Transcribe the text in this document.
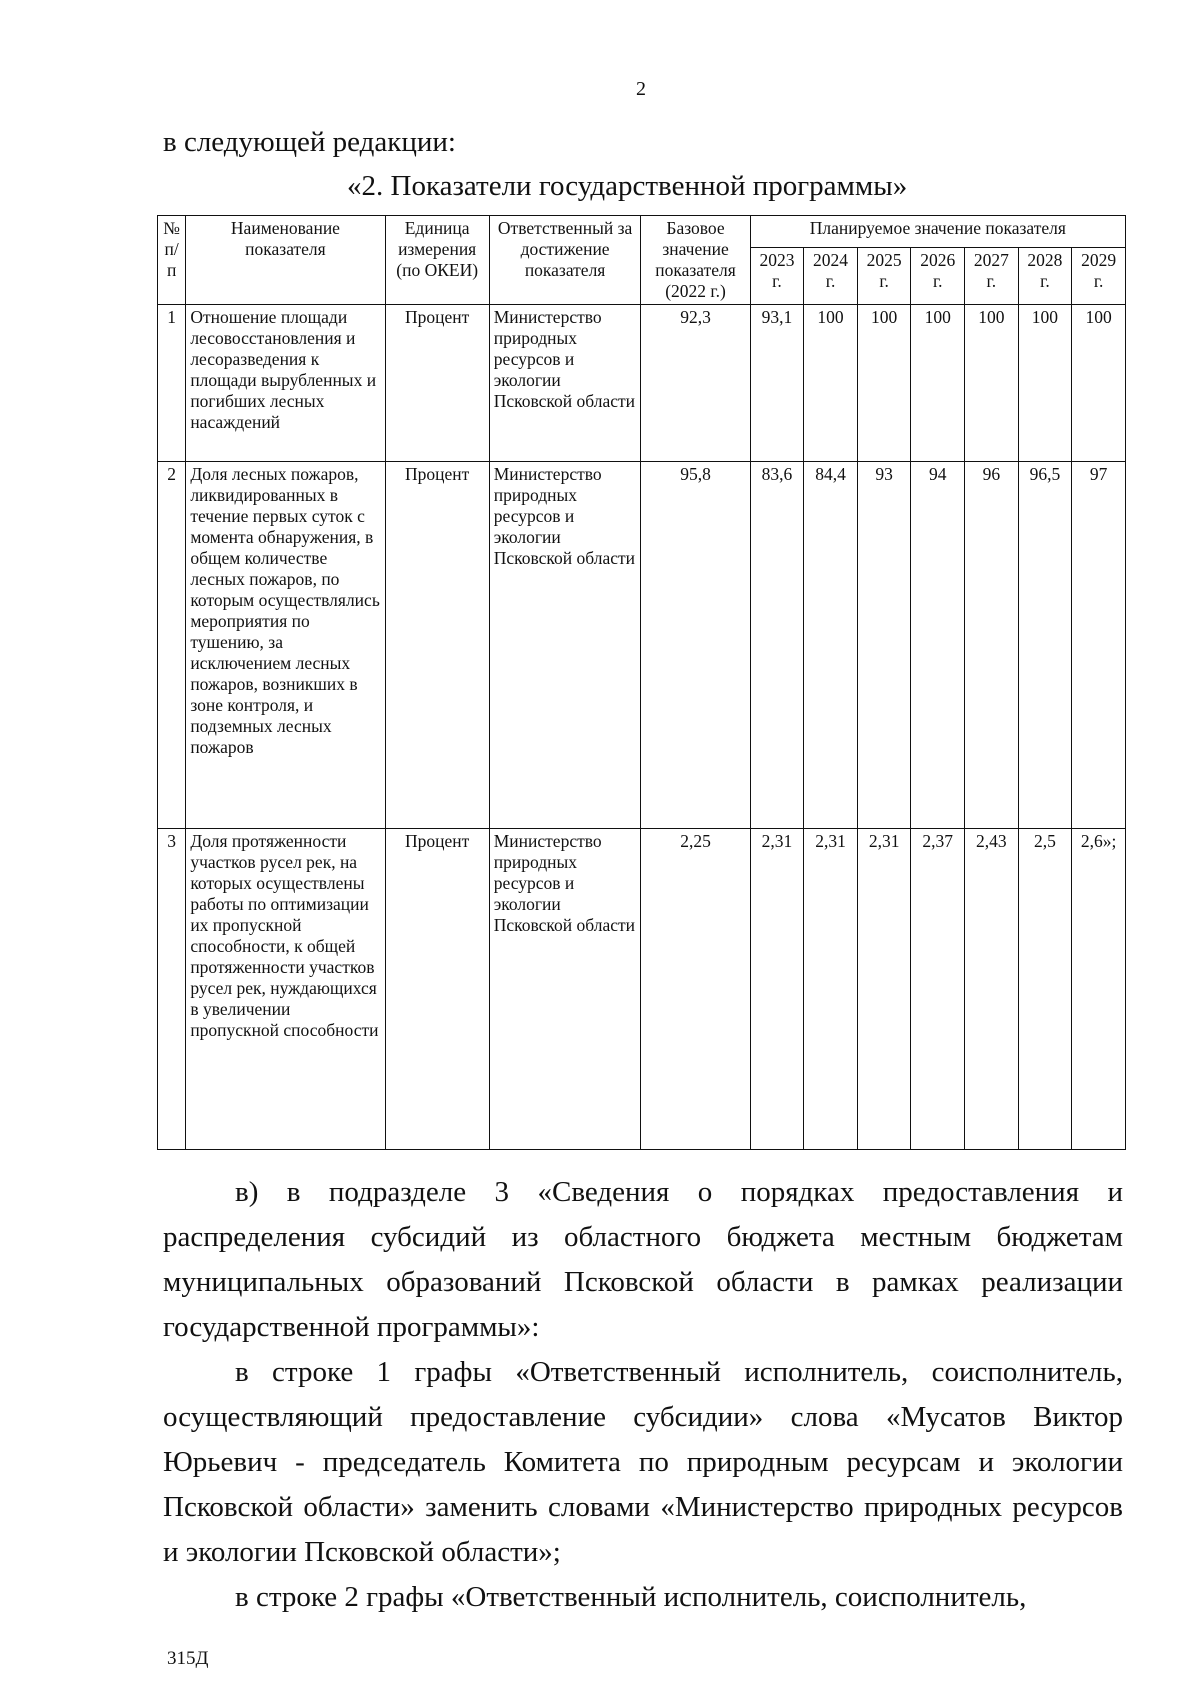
2
в следующей редакции:
«2. Показатели государственной программы»
№ п/п	Наименование показателя	Единица измерения (по ОКЕИ)	Ответственный за достижение показателя	Базовое значение показателя (2022 г.)	Планируемое значение показателя						
					2023 г.	2024 г.	2025 г.	2026 г.	2027 г.	2028 г.	2029 г.
1	Отношение площади лесовосстановления и лесоразведения к площади вырубленных и погибших лесных насаждений	Процент	Министерство природных ресурсов и экологии Псковской области	92,3	93,1	100	100	100	100	100	100
2	Доля лесных пожаров, ликвидированных в течение первых суток с момента обнаружения, в общем количестве лесных пожаров, по которым осуществлялись мероприятия по тушению, за исключением лесных пожаров, возникших в зоне контроля, и подземных лесных пожаров	Процент	Министерство природных ресурсов и экологии Псковской области	95,8	83,6	84,4	93	94	96	96,5	97
3	Доля протяженности участков русел рек, на которых осуществлены работы по оптимизации их пропускной способности, к общей протяженности участков русел рек, нуждающихся в увеличении пропускной способности	Процент	Министерство природных ресурсов и экологии Псковской области	2,25	2,31	2,31	2,31	2,37	2,43	2,5	2,6»;

в) в подразделе 3 «Сведения о порядках предоставления и распределения субсидий из областного бюджета местным бюджетам муниципальных образований Псковской области в рамках реализации государственной программы»:

в строке 1 графы «Ответственный исполнитель, соисполнитель, осуществляющий предоставление субсидии» слова «Мусатов Виктор Юрьевич - председатель Комитета по природным ресурсам и экологии Псковской области» заменить словами «Министерство природных ресурсов и экологии Псковской области»;

в строке 2 графы «Ответственный исполнитель, соисполнитель,

315Д
